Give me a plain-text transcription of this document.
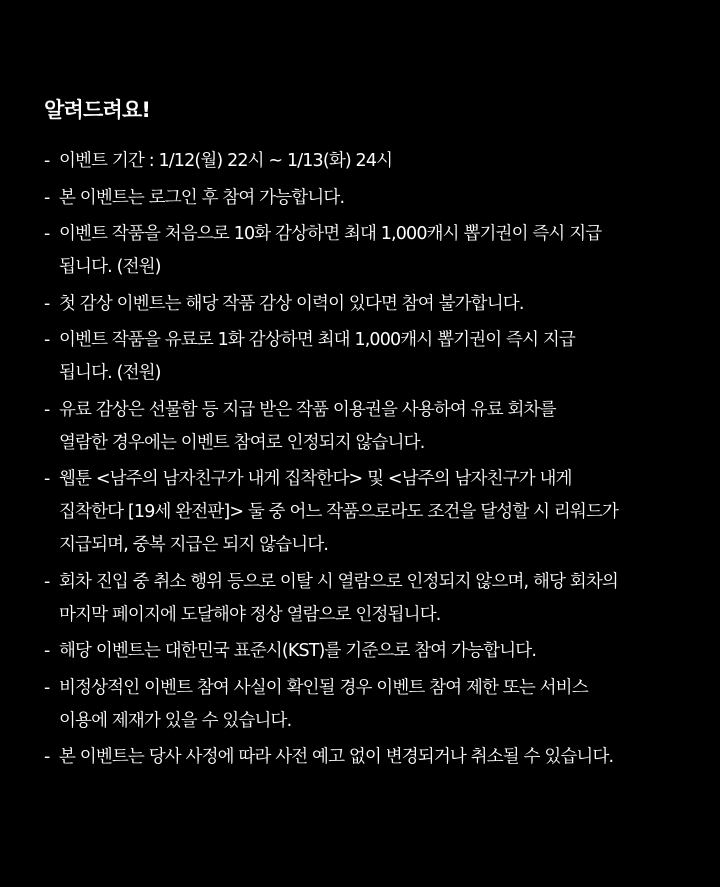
알려드려요!
- 이벤트 기간 : 1/12(월) 22시 ~ 1/13(화) 24시
- 본 이벤트는 로그인 후 참여 가능합니다.
- 이벤트 작품을 처음으로 10화 감상하면 최대 1,000캐시 뽑기권이 즉시 지급
됩니다. (전원)
- 첫 감상 이벤트는 해당 작품 감상 이력이 있다면 참여 불가합니다.
- 이벤트 작품을 유료로 1화 감상하면 최대 1,000캐시 뽑기권이 즉시 지급
됩니다. (전원)
- 유료 감상은 선물함 등 지급 받은 작품 이용권을 사용하여 유료 회차를
열람한 경우에는 이벤트 참여로 인정되지 않습니다.
- 웹툰 <남주의 남자친구가 내게 집착한다> 및 <남주의 남자친구가 내게
집착한다 [19세 완전판]> 둘 중 어느 작품으로라도 조건을 달성할 시 리워드가
지급되며, 중복 지급은 되지 않습니다.
- 회차 진입 중 취소 행위 등으로 이탈 시 열람으로 인정되지 않으며, 해당 회차의
마지막 페이지에 도달해야 정상 열람으로 인정됩니다.
- 해당 이벤트는 대한민국 표준시(KST)를 기준으로 참여 가능합니다.
- 비정상적인 이벤트 참여 사실이 확인될 경우 이벤트 참여 제한 또는 서비스
이용에 제재가 있을 수 있습니다.
- 본 이벤트는 당사 사정에 따라 사전 예고 없이 변경되거나 취소될 수 있습니다.
